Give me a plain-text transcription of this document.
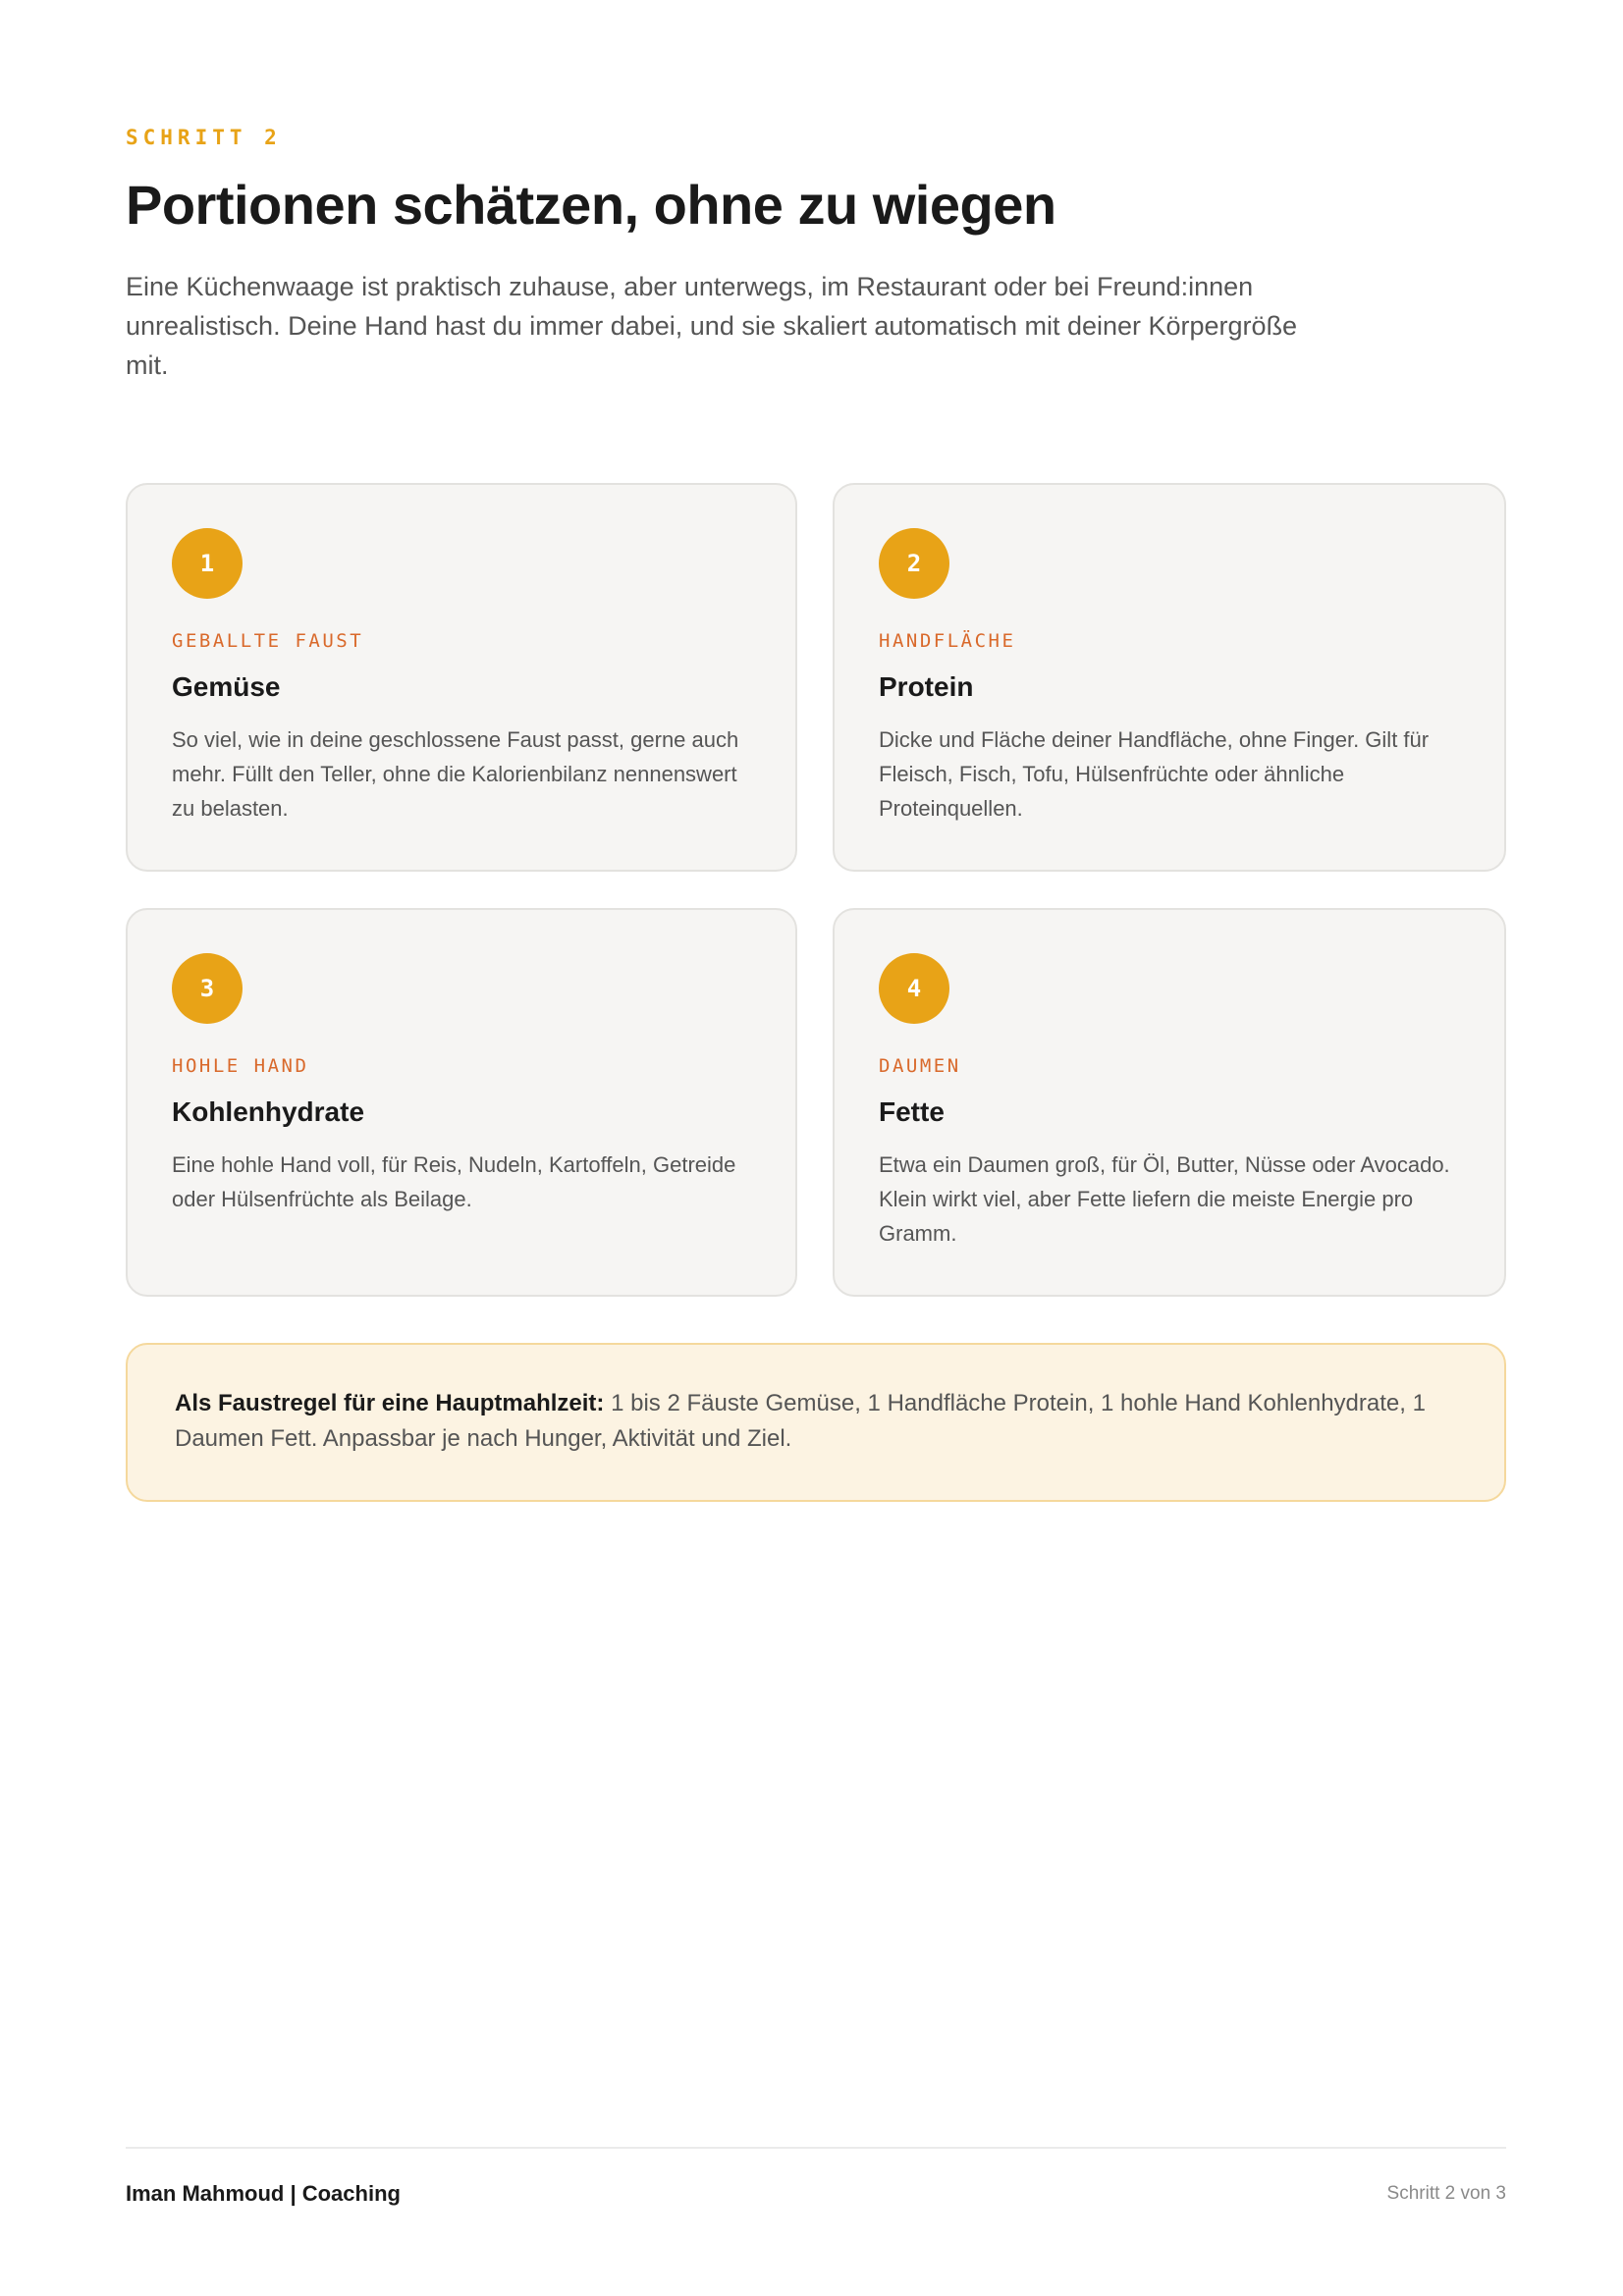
SCHRITT 2
Portionen schätzen, ohne zu wiegen

Eine Küchenwaage ist praktisch zuhause, aber unterwegs, im Restaurant oder bei Freund:innen unrealistisch. Deine Hand hast du immer dabei, und sie skaliert automatisch mit deiner Körpergröße mit.

1
GEBALLTE FAUST
Gemüse

So viel, wie in deine geschlossene Faust passt, gerne auch mehr. Füllt den Teller, ohne die Kalorienbilanz nennenswert zu belasten.

2
HANDFLÄCHE
Protein

Dicke und Fläche deiner Handfläche, ohne Finger. Gilt für Fleisch, Fisch, Tofu, Hülsenfrüchte oder ähnliche Proteinquellen.

3
HOHLE HAND
Kohlenhydrate

Eine hohle Hand voll, für Reis, Nudeln, Kartoffeln, Getreide oder Hülsenfrüchte als Beilage.

4
DAUMEN
Fette

Etwa ein Daumen groß, für Öl, Butter, Nüsse oder Avocado. Klein wirkt viel, aber Fette liefern die meiste Energie pro Gramm.

Als Faustregel für eine Hauptmahlzeit: 1 bis 2 Fäuste Gemüse, 1 Handfläche Protein, 1 hohle Hand Kohlenhydrate, 1 Daumen Fett. Anpassbar je nach Hunger, Aktivität und Ziel.
Iman Mahmoud | Coaching	Schritt 2 von 3
